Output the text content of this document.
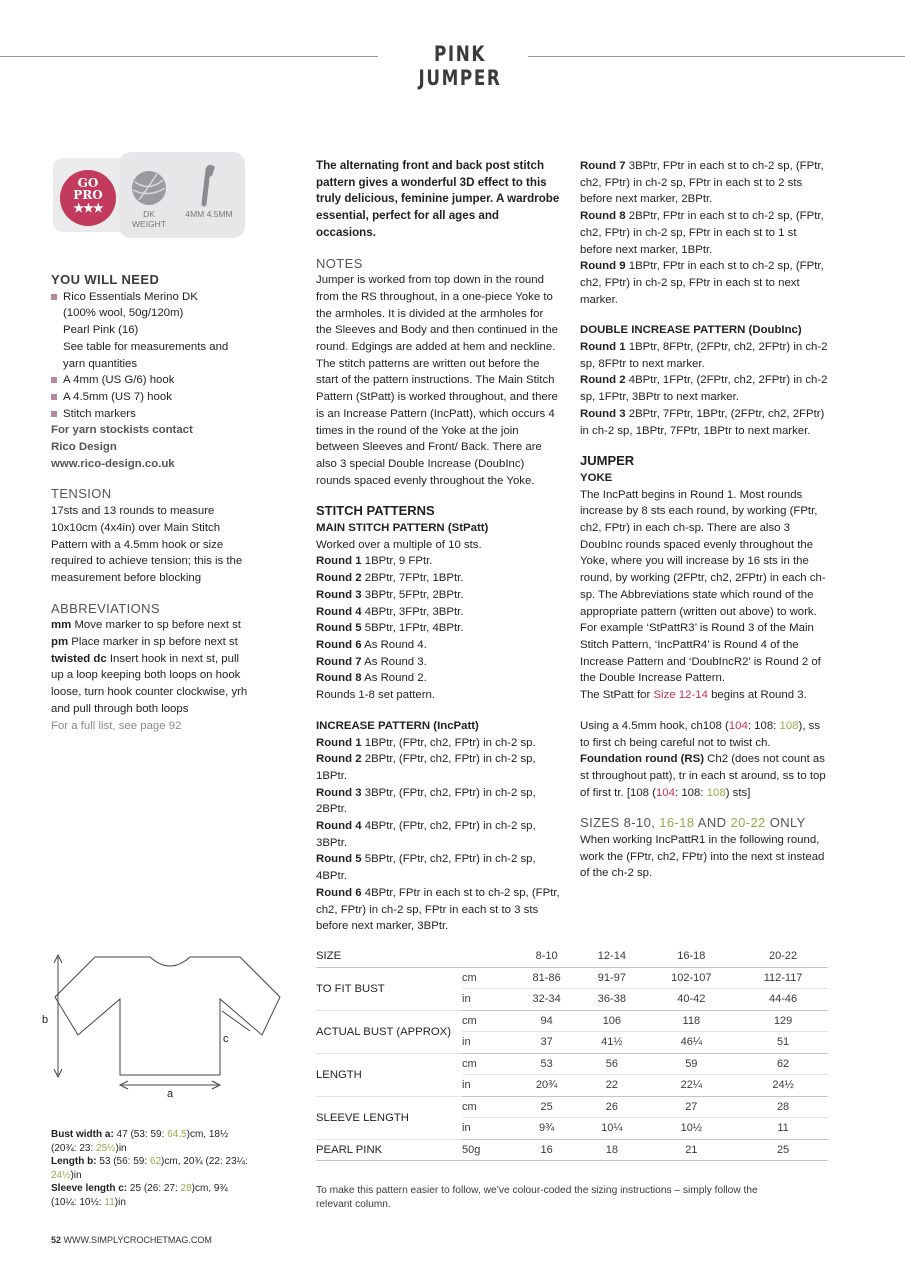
PINK JUMPER
GO
PRO
★★★	DK WEIGHT
4MM 4.5MM

YOU WILL NEED

Rico Essentials Merino DK

(100% wool, 50g/120m)

Pearl Pink (16)

See table for measurements and yarn quantities

A 4mm (US G/6) hook

A 4.5mm (US 7) hook

Stitch markers

For yarn stockists contact

Rico Design

www.rico-design.co.uk

TENSION

17sts and 13 rounds to measure 10x10cm (4x4in) over Main Stitch Pattern with a 4.5mm hook or size required to achieve tension; this is the measurement before blocking

ABBREVIATIONS

mm Move marker to sp before next st

pm Place marker in sp before next st

twisted dc Insert hook in next st, pull up a loop keeping both loops on hook loose, turn hook counter clockwise, yrh and pull through both loops

For a full list, see page 92

The alternating front and back post stitch pattern gives a wonderful 3D effect to this truly delicious, feminine jumper. A wardrobe essential, perfect for all ages and occasions.

NOTES

Jumper is worked from top down in the round from the RS throughout, in a one-piece Yoke to the armholes. It is divided at the armholes for the Sleeves and Body and then continued in the round. Edgings are added at hem and neckline.

The stitch patterns are written out before the start of the pattern instructions. The Main Stitch Pattern (StPatt) is worked throughout, and there is an Increase Pattern (IncPatt), which occurs 4 times in the round of the Yoke at the join between Sleeves and Front/ Back. There are also 3 special Double Increase (DoubInc) rounds spaced evenly throughout the Yoke.

STITCH PATTERNS

MAIN STITCH PATTERN (StPatt)

Worked over a multiple of 10 sts.

Round 1 1BPtr, 9 FPtr.

Round 2 2BPtr, 7FPtr, 1BPtr.

Round 3 3BPtr, 5FPtr, 2BPtr.

Round 4 4BPtr, 3FPtr, 3BPtr.

Round 5 5BPtr, 1FPtr, 4BPtr.

Round 6 As Round 4.

Round 7 As Round 3.

Round 8 As Round 2.

Rounds 1-8 set pattern.

INCREASE PATTERN (IncPatt)

Round 1 1BPtr, (FPtr, ch2, FPtr) in ch-2 sp.

Round 2 2BPtr, (FPtr, ch2, FPtr) in ch-2 sp, 1BPtr.

Round 3 3BPtr, (FPtr, ch2, FPtr) in ch-2 sp, 2BPtr.

Round 4 4BPtr, (FPtr, ch2, FPtr) in ch-2 sp, 3BPtr.

Round 5 5BPtr, (FPtr, ch2, FPtr) in ch-2 sp, 4BPtr.

Round 6 4BPtr, FPtr in each st to ch-2 sp, (FPtr, ch2, FPtr) in ch-2 sp, FPtr in each st to 3 sts before next marker, 3BPtr.

Round 7 3BPtr, FPtr in each st to ch-2 sp, (FPtr, ch2, FPtr) in ch-2 sp, FPtr in each st to 2 sts before next marker, 2BPtr.

Round 8 2BPtr, FPtr in each st to ch-2 sp, (FPtr, ch2, FPtr) in ch-2 sp, FPtr in each st to 1 st before next marker, 1BPtr.

Round 9 1BPtr, FPtr in each st to ch-2 sp, (FPtr, ch2, FPtr) in ch-2 sp, FPtr in each st to next marker.

DOUBLE INCREASE PATTERN (DoubInc)

Round 1 1BPtr, 8FPtr, (2FPtr, ch2, 2FPtr) in ch-2 sp, 8FPtr to next marker.

Round 2 4BPtr, 1FPtr, (2FPtr, ch2, 2FPtr) in ch-2 sp, 1FPtr, 3BPtr to next marker.

Round 3 2BPtr, 7FPtr, 1BPtr, (2FPtr, ch2, 2FPtr) in ch-2 sp, 1BPtr, 7FPtr, 1BPtr to next marker.

JUMPER

YOKE

The IncPatt begins in Round 1. Most rounds increase by 8 sts each round, by working (FPtr, ch2, FPtr) in each ch-sp. There are also 3 DoubInc rounds spaced evenly throughout the Yoke, where you will increase by 16 sts in the round, by working (2FPtr, ch2, 2FPtr) in each ch-sp. The Abbreviations state which round of the appropriate pattern (written out above) to work. For example ‘StPattR3’ is Round 3 of the Main Stitch Pattern, ‘IncPattR4’ is Round 4 of the Increase Pattern and ‘DoubIncR2’ is Round 2 of the Double Increase Pattern.

The StPatt for Size 12-14 begins at Round 3.

Using a 4.5mm hook, ch108 (104: 108: 108), ss to first ch being careful not to twist ch.

Foundation round (RS) Ch2 (does not count as st throughout patt), tr in each st around, ss to top of first tr. [108 (104: 108: 108) sts]

SIZES 8-10, 16-18 AND 20-22 ONLY

When working IncPattR1 in the following round, work the (FPtr, ch2, FPtr) into the next st instead of the ch-2 sp.

b
a
c
Bust width a: 47 (53: 59: 64.5)cm, 18½ (20¾: 23: 25½)in
Length b: 53 (56: 59: 62)cm, 20¾ (22: 23¼: 24½)in
Sleeve length c: 25 (26: 27: 28)cm, 9¾ (10¼: 10½: 11)in
SIZE		8-10	12-14	16-18	20-22
TO FIT BUST	cm	81-86	91-97	102-107	112-117
	in	32-34	36-38	40-42	44-46
ACTUAL BUST (APPROX)	cm	94	106	118	129
	in	37	41½	46¼	51
LENGTH	cm	53	56	59	62
	in	20¾	22	22¼	24½
SLEEVE LENGTH	cm	25	26	27	28
	in	9¾	10¼	10½	11
PEARL PINK	50g	16	18	21	25
To make this pattern easier to follow, we’ve colour-coded the sizing instructions – simply follow the relevant column.
52 WWW.SIMPLYCROCHETMAG.COM
